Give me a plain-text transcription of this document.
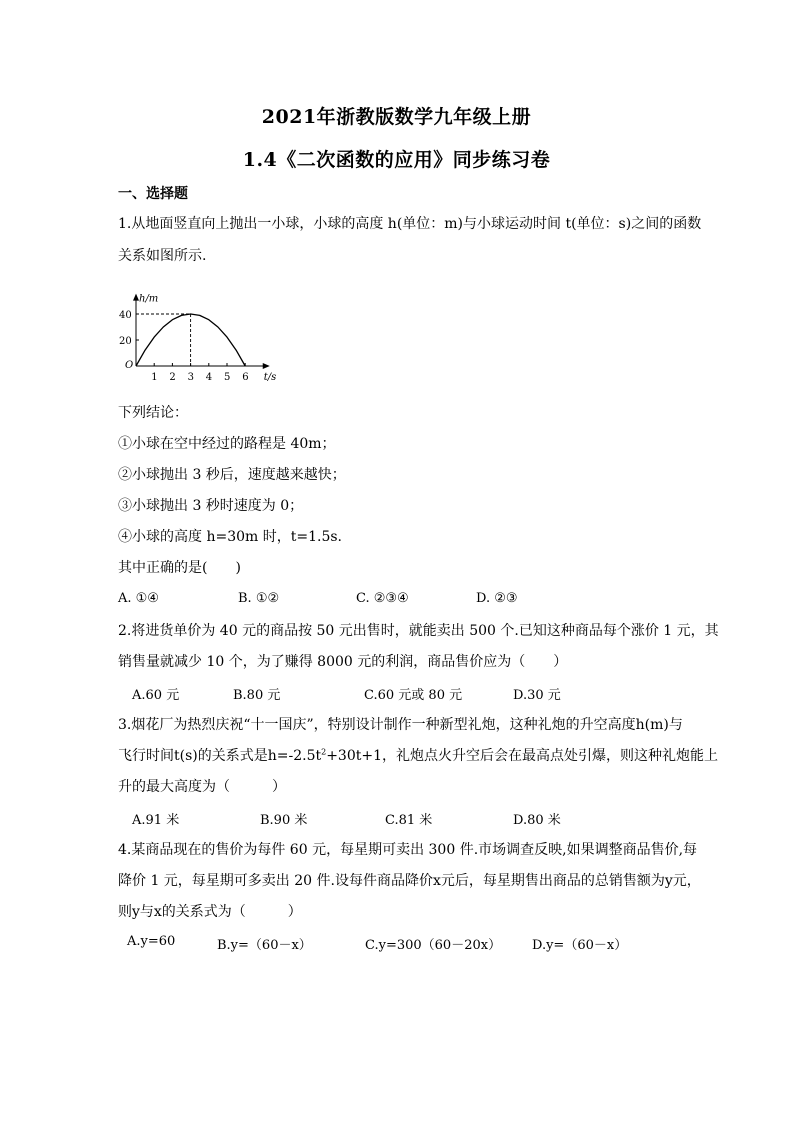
2021年浙教版数学九年级上册
1.4《二次函数的应用》同步练习卷
一、选择题
1.从地面竖直向上抛出一小球，小球的高度 h(单位：m)与小球运动时间 t(单位：s)之间的函数
关系如图所示.
h/m
t/s
O
1 2 3 4 5 6
20
40
下列结论：
①小球在空中经过的路程是 40m；
②小球抛出 3 秒后，速度越来越快；
③小球抛出 3 秒时速度为 0；
④小球的高度 h=30m 时，t=1.5s.
其中正确的是(　　)
A. ①④	B. ①②	C. ②③④	D. ②③
2.将进货单价为 40 元的商品按 50 元出售时，就能卖出 500 个.已知这种商品每个涨价 1 元，其
销售量就减少 10 个，为了赚得 8000 元的利润，商品售价应为（　　）
A.60 元	B.80 元	C.60 元或 80 元	D.30 元
3.烟花厂为热烈庆祝“十一国庆”，特别设计制作一种新型礼炮，这种礼炮的升空高度h(m)与
飞行时间t(s)的关系式是$h=-2.5t^2+30t+1$，礼炮点火升空后会在最高点处引爆，则这种礼炮能上
升的最大高度为（　　　）
A.91 米	B.90 米	C.81 米	D.80 米
4.某商品现在的售价为每件 60 元，每星期可卖出 300 件.市场调查反映,如果调整商品售价,每
降价 1 元，每星期可多卖出 20 件.设每件商品降价x元后，每星期售出商品的总销售额为y元，
则y与x的关系式为（　　　）
A.y=60	B.y=（60－x）	C.y=300（60－20x） D.y=（60－x）
